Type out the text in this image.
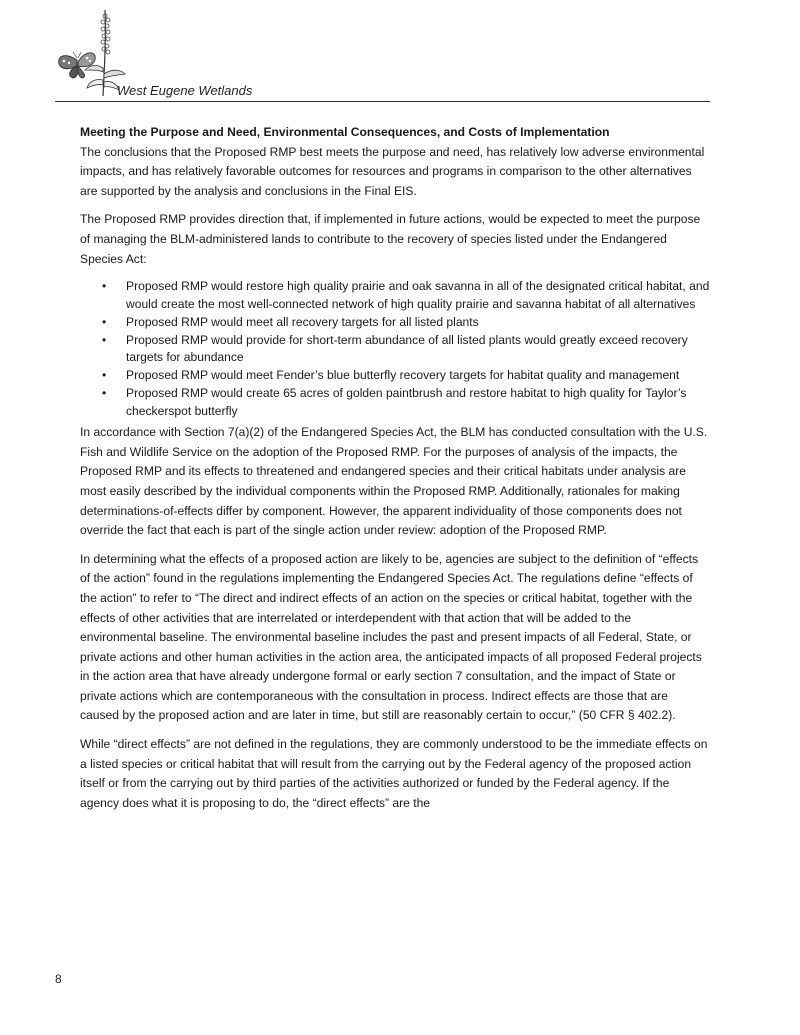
West Eugene Wetlands

Meeting the Purpose and Need, Environmental Consequences, and Costs of Implementation
The conclusions that the Proposed RMP best meets the purpose and need, has relatively low adverse environmental impacts, and has relatively favorable outcomes for resources and programs in comparison to the other alternatives are supported by the analysis and conclusions in the Final EIS.

The Proposed RMP provides direction that, if implemented in future actions, would be expected to meet the purpose of managing the BLM-administered lands to contribute to the recovery of species listed under the Endangered Species Act:

• Proposed RMP would restore high quality prairie and oak savanna in all of the designated critical habitat, and would create the most well-connected network of high quality prairie and savanna habitat of all alternatives
• Proposed RMP would meet all recovery targets for all listed plants
• Proposed RMP would provide for short-term abundance of all listed plants would greatly exceed recovery targets for abundance
• Proposed RMP would meet Fender’s blue butterfly recovery targets for habitat quality and management
• Proposed RMP would create 65 acres of golden paintbrush and restore habitat to high quality for Taylor’s checkerspot butterfly

In accordance with Section 7(a)(2) of the Endangered Species Act, the BLM has conducted consultation with the U.S. Fish and Wildlife Service on the adoption of the Proposed RMP. For the purposes of analysis of the impacts, the Proposed RMP and its effects to threatened and endangered species and their critical habitats under analysis are most easily described by the individual components within the Proposed RMP. Additionally, rationales for making determinations-of-effects differ by component. However, the apparent individuality of those components does not override the fact that each is part of the single action under review: adoption of the Proposed RMP.

In determining what the effects of a proposed action are likely to be, agencies are subject to the definition of “effects of the action” found in the regulations implementing the Endangered Species Act. The regulations define “effects of the action” to refer to “The direct and indirect effects of an action on the species or critical habitat, together with the effects of other activities that are interrelated or interdependent with that action that will be added to the environmental baseline. The environmental baseline includes the past and present impacts of all Federal, State, or private actions and other human activities in the action area, the anticipated impacts of all proposed Federal projects in the action area that have already undergone formal or early section 7 consultation, and the impact of State or private actions which are contemporaneous with the consultation in process. Indirect effects are those that are caused by the proposed action and are later in time, but still are reasonably certain to occur,” (50 CFR § 402.2).

While “direct effects” are not defined in the regulations, they are commonly understood to be the immediate effects on a listed species or critical habitat that will result from the carrying out by the Federal agency of the proposed action itself or from the carrying out by third parties of the activities authorized or funded by the Federal agency. If the agency does what it is proposing to do, the “direct effects” are the

8
